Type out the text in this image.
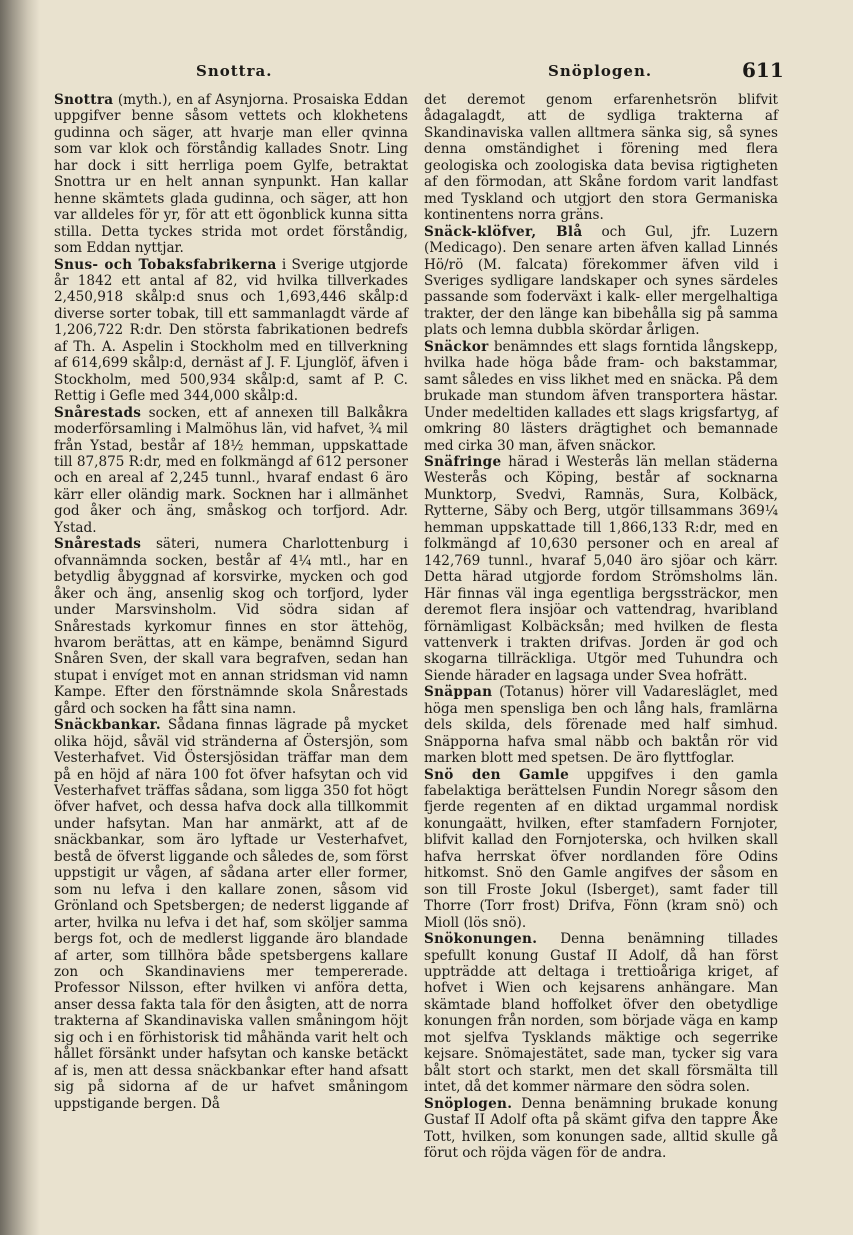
Snottra.	Snöplogen.	611

Snottra (myth.), en af Asynjorna. Prosaiska Eddan uppgifver benne såsom vettets och klokhetens gudinna och säger, att hvarje man eller qvinna som var klok och förståndig kallades Snotr. Ling har dock i sitt herrliga poem Gylfe, betraktat Snottra ur en helt annan synpunkt. Han kallar henne skämtets glada gudinna, och säger, att hon var alldeles för yr, för att ett ögonblick kunna sitta stilla. Detta tyckes strida mot ordet förståndig, som Eddan nyttjar.

Snus- och Tobaksfabrikerna i Sverige utgjorde år 1842 ett antal af 82, vid hvilka tillverkades 2,450,918 skålp:d snus och 1,693,446 skålp:d diverse sorter tobak, till ett sammanlagdt värde af 1,206,722 R:dr. Den största fabrikationen bedrefs af Th. A. Aspelin i Stockholm med en tillverkning af 614,699 skålp:d, dernäst af J. F. Ljunglöf, äfven i Stockholm, med 500,934 skålp:d, samt af P. C. Rettig i Gefle med 344,000 skålp:d.

Snårestads socken, ett af annexen till Balkåkra moderförsamling i Malmöhus län, vid hafvet, ¾ mil från Ystad, består af 18½ hemman, uppskattade till 87,875 R:dr, med en folkmängd af 612 personer och en areal af 2,245 tunnl., hvaraf endast 6 äro kärr eller oländig mark. Socknen har i allmänhet god åker och äng, småskog och torfjord. Adr. Ystad.

Snårestads säteri, numera Charlottenburg i ofvannämnda socken, består af 4¼ mtl., har en betydlig åbyggnad af korsvirke, mycken och god åker och äng, ansenlig skog och torfjord, lyder under Marsvinsholm. Vid södra sidan af Snårestads kyrkomur finnes en stor ättehög, hvarom berättas, att en kämpe, benämnd Sigurd Snåren Sven, der skall vara begrafven, sedan han stupat i envíget mot en annan stridsman vid namn Kampe. Efter den förstnämnde skola Snårestads gård och socken ha fått sina namn.

Snäckbankar. Sådana finnas lägrade på mycket olika höjd, såväl vid stränderna af Östersjön, som Vesterhafvet. Vid Östersjösidan träffar man dem på en höjd af nära 100 fot öfver hafsytan och vid Vesterhafvet träffas sådana, som ligga 350 fot högt öfver hafvet, och dessa hafva dock alla tillkommit under hafsytan. Man har anmärkt, att af de snäckbankar, som äro lyftade ur Vesterhafvet, bestå de öfverst liggande och således de, som först uppstigit ur vågen, af sådana arter eller former, som nu lefva i den kallare zonen, såsom vid Grönland och Spetsbergen; de nederst liggande af arter, hvilka nu lefva i det haf, som sköljer samma bergs fot, och de medlerst liggande äro blandade af arter, som tillhöra både spetsbergens kallare zon och Skandinaviens mer tempererade. Professor Nilsson, efter hvilken vi anföra detta, anser dessa fakta tala för den åsigten, att de norra trakterna af Skandinaviska vallen småningom höjt sig och i en förhistorisk tid måhända varit helt och hållet försänkt under hafsytan och kanske betäckt af is, men att dessa snäckbankar efter hand afsatt sig på sidorna af de ur hafvet småningom uppstigande bergen. Då

det deremot genom erfarenhetsrön blifvit ådagalagdt, att de sydliga trakterna af Skandinaviska vallen alltmera sänka sig, så synes denna omständighet i förening med flera geologiska och zoologiska data bevisa rigtigheten af den förmodan, att Skåne fordom varit landfast med Tyskland och utgjort den stora Germaniska kontinentens norra gräns.

Snäck-klöfver, Blå och Gul, jfr. Luzern (Medicago). Den senare arten äfven kallad Linnés Hö/rö (M. falcata) förekommer äfven vild i Sveriges sydligare landskaper och synes särdeles passande som foderväxt i kalk- eller mergelhaltiga trakter, der den länge kan bibehålla sig på samma plats och lemna dubbla skördar årligen.

Snäckor benämndes ett slags forntida långskepp, hvilka hade höga både fram- och bakstammar, samt således en viss likhet med en snäcka. På dem brukade man stundom äfven transportera hästar. Under medeltiden kallades ett slags krigsfartyg, af omkring 80 lästers drägtighet och bemannade med cirka 30 man, äfven snäckor.

Snäfringe härad i Westerås län mellan städerna Westerås och Köping, består af socknarna Munktorp, Svedvi, Ramnäs, Sura, Kolbäck, Rytterne, Säby och Berg, utgör tillsammans 369¼ hemman uppskattade till 1,866,133 R:dr, med en folkmängd af 10,630 personer och en areal af 142,769 tunnl., hvaraf 5,040 äro sjöar och kärr. Detta härad utgjorde fordom Strömsholms län. Här finnas väl inga egentliga bergssträckor, men deremot flera insjöar och vattendrag, hvaribland förnämligast Kolbäcksån; med hvilken de flesta vattenverk i trakten drifvas. Jorden är god och skogarna tillräckliga. Utgör med Tuhundra och Siende härader en lagsaga under Svea hofrätt.

Snäppan (Totanus) hörer vill Vadaresläglet, med höga men spensliga ben och lång hals, framlärna dels skilda, dels förenade med half simhud. Snäpporna hafva smal näbb och baktån rör vid marken blott med spetsen. De äro flyttfoglar.

Snö den Gamle uppgifves i den gamla fabelaktiga berättelsen Fundin Noregr såsom den fjerde regenten af en diktad urgammal nordisk konungaätt, hvilken, efter stamfadern Fornjoter, blifvit kallad den Fornjoterska, och hvilken skall hafva herrskat öfver nordlanden före Odins hitkomst. Snö den Gamle angifves der såsom en son till Froste Jokul (Isberget), samt fader till Thorre (Torr frost) Drifva, Fönn (kram snö) och Mioll (lös snö).

Snökonungen. Denna benämning tillades spefullt konung Gustaf II Adolf, då han först uppträdde att deltaga i trettioåriga kriget, af hofvet i Wien och kejsarens anhängare. Man skämtade bland hoffolket öfver den obetydlige konungen från norden, som började väga en kamp mot sjelfva Tysklands mäktige och segerrike kejsare. Snömajestätet, sade man, tycker sig vara bålt stort och starkt, men det skall försmälta till intet, då det kommer närmare den södra solen.

Snöplogen. Denna benämning brukade konung Gustaf II Adolf ofta på skämt gifva den tappre Åke Tott, hvilken, som konungen sade, alltid skulle gå förut och röjda vägen för de andra.
